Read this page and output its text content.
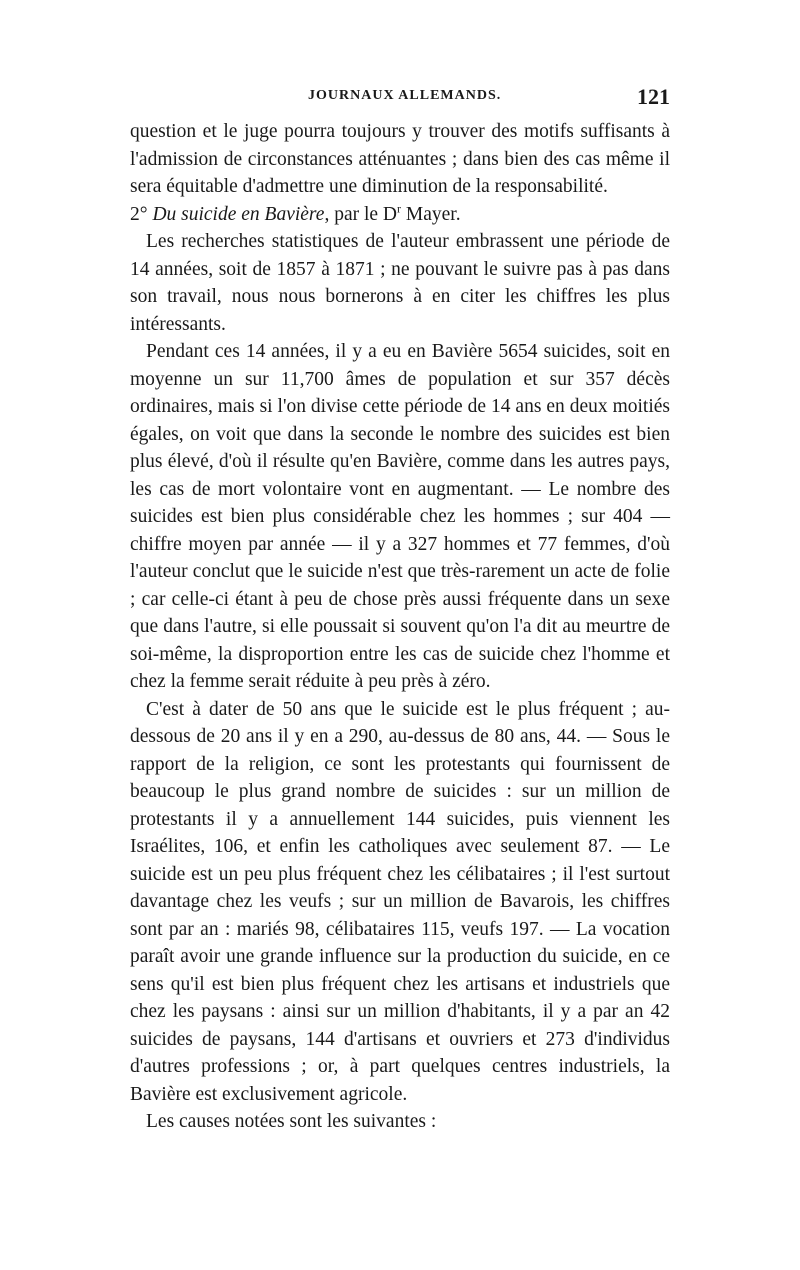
JOURNAUX ALLEMANDS.	121

question et le juge pourra toujours y trouver des motifs suffisants à l'admission de circonstances atténuantes ; dans bien des cas même il sera équitable d'admettre une diminution de la responsabilité.

2° Du suicide en Bavière, par le $D^r$ Mayer.

Les recherches statistiques de l'auteur embrassent une période de 14 années, soit de 1857 à 1871 ; ne pouvant le suivre pas à pas dans son travail, nous nous bornerons à en citer les chiffres les plus intéressants.

Pendant ces 14 années, il y a eu en Bavière 5654 suicides, soit en moyenne un sur 11,700 âmes de population et sur 357 décès ordinaires, mais si l'on divise cette période de 14 ans en deux moitiés égales, on voit que dans la seconde le nombre des suicides est bien plus élevé, d'où il résulte qu'en Bavière, comme dans les autres pays, les cas de mort volontaire vont en augmentant. — Le nombre des suicides est bien plus considérable chez les hommes ; sur 404 — chiffre moyen par année — il y a 327 hommes et 77 femmes, d'où l'auteur conclut que le suicide n'est que très-rarement un acte de folie ; car celle-ci étant à peu de chose près aussi fréquente dans un sexe que dans l'autre, si elle poussait si souvent qu'on l'a dit au meurtre de soi-même, la disproportion entre les cas de suicide chez l'homme et chez la femme serait réduite à peu près à zéro.

C'est à dater de 50 ans que le suicide est le plus fréquent ; au-dessous de 20 ans il y en a 290, au-dessus de 80 ans, 44. — Sous le rapport de la religion, ce sont les protestants qui fournissent de beaucoup le plus grand nombre de suicides : sur un million de protestants il y a annuellement 144 suicides, puis viennent les Israélites, 106, et enfin les catholiques avec seulement 87. — Le suicide est un peu plus fréquent chez les célibataires ; il l'est surtout davantage chez les veufs ; sur un million de Bavarois, les chiffres sont par an : mariés 98, célibataires 115, veufs 197. — La vocation paraît avoir une grande influence sur la production du suicide, en ce sens qu'il est bien plus fréquent chez les artisans et industriels que chez les paysans : ainsi sur un million d'habitants, il y a par an 42 suicides de paysans, 144 d'artisans et ouvriers et 273 d'individus d'autres professions ; or, à part quelques centres industriels, la Bavière est exclusivement agricole.

Les causes notées sont les suivantes :
